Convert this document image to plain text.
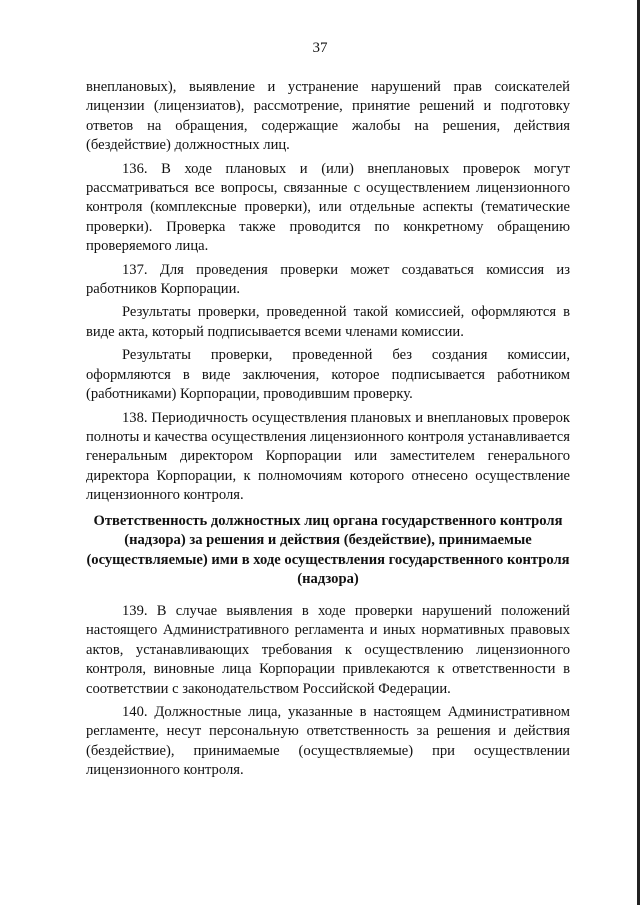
37

внеплановых), выявление и устранение нарушений прав соискателей лицензии (лицензиатов), рассмотрение, принятие решений и подготовку ответов на обращения, содержащие жалобы на решения, действия (бездействие) должностных лиц.

136. В ходе плановых и (или) внеплановых проверок могут рассматриваться все вопросы, связанные с осуществлением лицензионного контроля (комплексные проверки), или отдельные аспекты (тематические проверки). Проверка также проводится по конкретному обращению проверяемого лица.

137. Для проведения проверки может создаваться комиссия из работников Корпорации.

Результаты проверки, проведенной такой комиссией, оформляются в виде акта, который подписывается всеми членами комиссии.

Результаты проверки, проведенной без создания комиссии, оформляются в виде заключения, которое подписывается работником (работниками) Корпорации, проводившим проверку.

138. Периодичность осуществления плановых и внеплановых проверок полноты и качества осуществления лицензионного контроля устанавливается генеральным директором Корпорации или заместителем генерального директора Корпорации, к полномочиям которого отнесено осуществление лицензионного контроля.

Ответственность должностных лиц органа государственного контроля (надзора) за решения и действия (бездействие), принимаемые (осуществляемые) ими в ходе осуществления государственного контроля (надзора)

139. В случае выявления в ходе проверки нарушений положений настоящего Административного регламента и иных нормативных правовых актов, устанавливающих требования к осуществлению лицензионного контроля, виновные лица Корпорации привлекаются к ответственности в соответствии с законодательством Российской Федерации.

140. Должностные лица, указанные в настоящем Административном регламенте, несут персональную ответственность за решения и действия (бездействие), принимаемые (осуществляемые) при осуществлении лицензионного контроля.
